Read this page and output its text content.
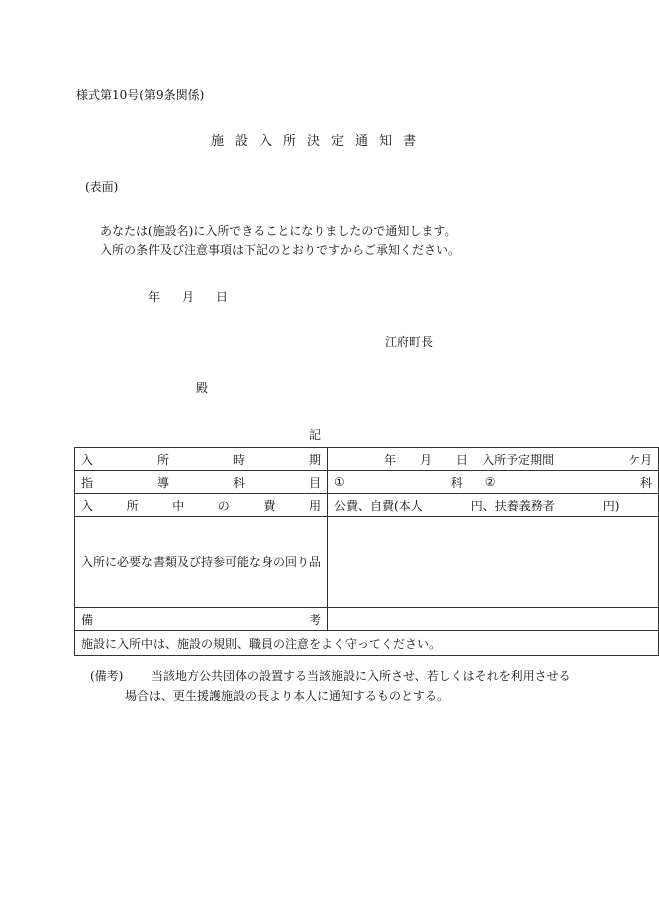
様式第10号(第9条関係)
施設入所決定通知書
(表面)
あなたは(施設名)に入所できることになりましたので通知します。
入所の条件及び注意事項は下記のとおりですからご承知ください。
年 月 日
江府町長
殿
記
入所時期	年 月 日 入所予定期間 ケ月

指導科目	① 科 ② 科

入所中の費用	公費、自費(本人 円、扶養義務者 円)

入所に必要な書類及び持参可能な身の回り品	
備考	
施設に入所中は、施設の規則、職員の注意をよく守ってください。	
(備考) 当該地方公共団体の設置する当該施設に入所させ、若しくはそれを利用させる
場合は、更生援護施設の長より本人に通知するものとする。
